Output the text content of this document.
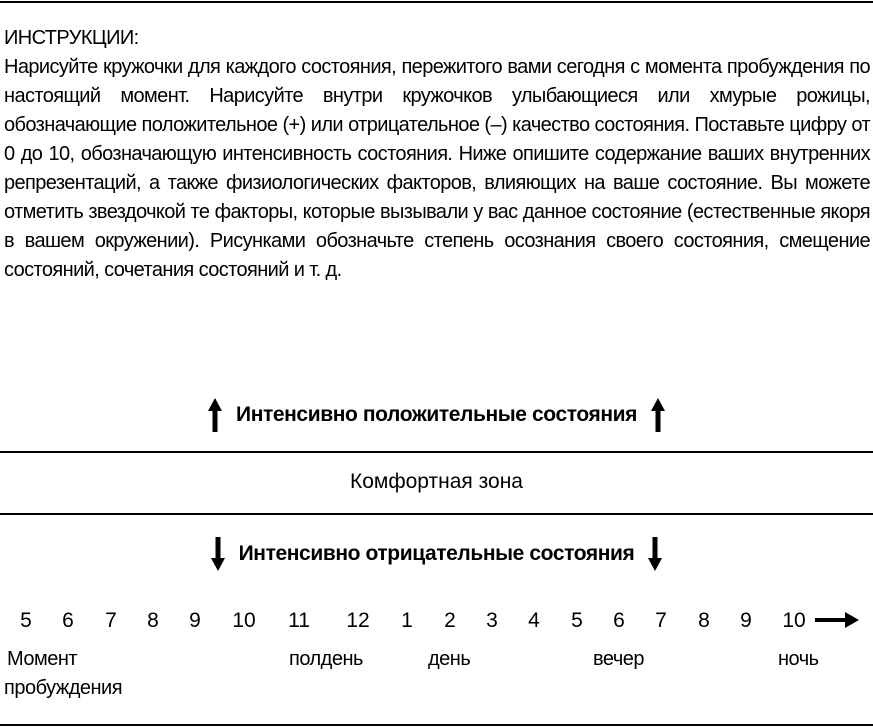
ИНСТРУКЦИИ:
Нарисуйте кружочки для каждого состояния, пережитого вами сегодня с момента пробуждения по настоящий момент. Нарисуйте внутри кружочков улыбающиеся или хмурые рожицы, обозначающие положительное (+) или отрицательное (–) качество состояния. Поставьте цифру от 0 до 10, обозначающую интенсивность состояния. Ниже опишите содержание ваших внутренних репрезентаций, а также физиологических факторов, влияющих на ваше состояние. Вы можете отметить звездочкой те факторы, которые вызывали у вас данное состояние (естественные якоря в вашем окружении). Рисунками обозначьте степень осознания своего состояния, смещение состояний, сочетания состояний и т. д.
Интенсивно положительные состояния
Комфортная зона
Интенсивно отрицательные состояния
5	6	7	8	9	10	11	12	1	2	3	4	5	6	7	8	9	10
Момент
пробуждения
полдень	день	вечер	ночь
